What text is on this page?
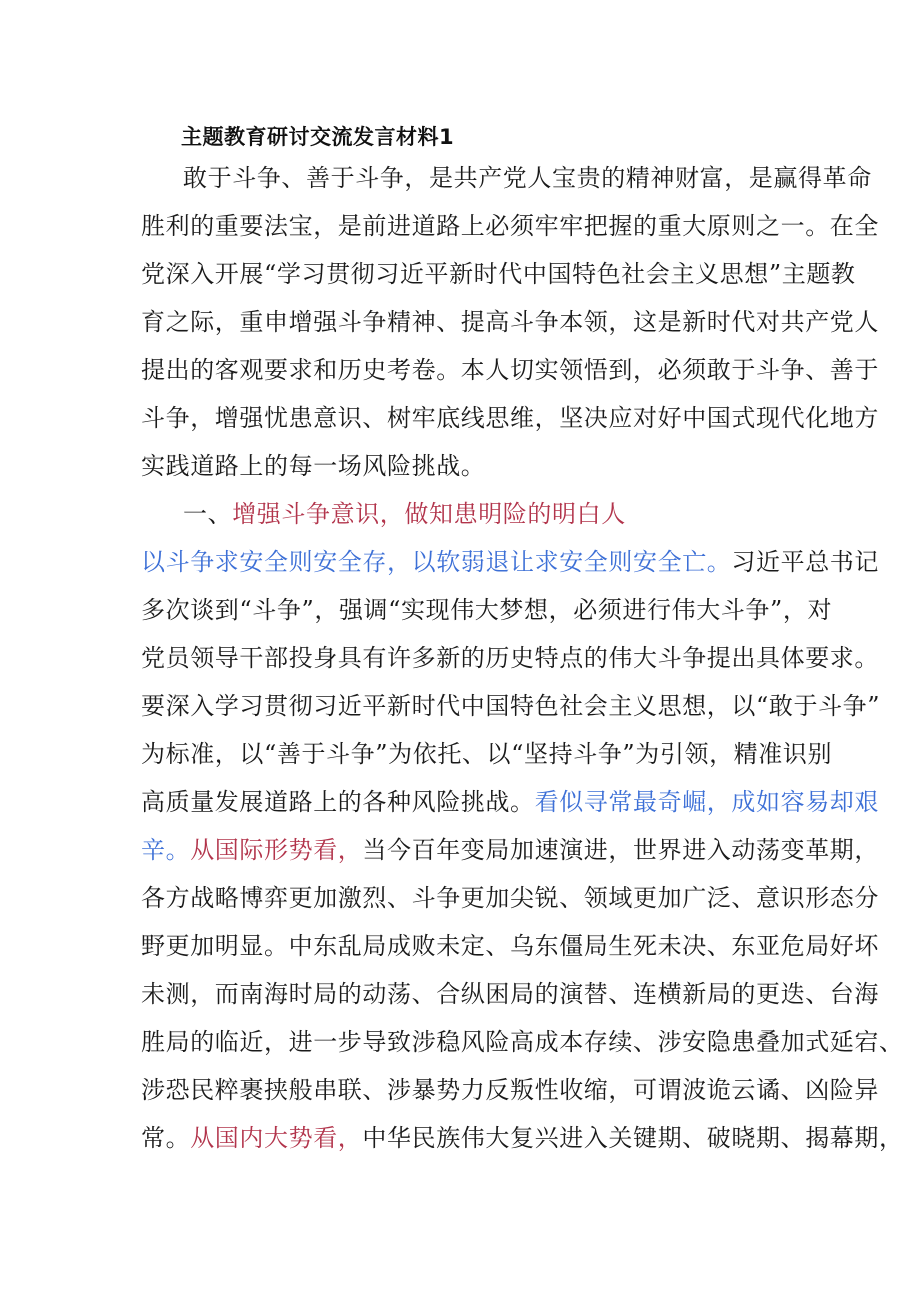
主题教育研讨交流发言材料1
敢于斗争、善于斗争，是共产党人宝贵的精神财富，是赢得革命
胜利的重要法宝，是前进道路上必须牢牢把握的重大原则之一。在全
党深入开展“学习贯彻习近平新时代中国特色社会主义思想”主题教
育之际，重申增强斗争精神、提高斗争本领，这是新时代对共产党人
提出的客观要求和历史考卷。本人切实领悟到，必须敢于斗争、善于
斗争，增强忧患意识、树牢底线思维，坚决应对好中国式现代化地方
实践道路上的每一场风险挑战。
一、增强斗争意识，做知患明险的明白人
以斗争求安全则安全存，以软弱退让求安全则安全亡。习近平总书记
多次谈到“斗争”，强调“实现伟大梦想，必须进行伟大斗争”，对
党员领导干部投身具有许多新的历史特点的伟大斗争提出具体要求。
要深入学习贯彻习近平新时代中国特色社会主义思想，以“敢于斗争”
为标准，以“善于斗争”为依托、以“坚持斗争”为引领，精准识别
高质量发展道路上的各种风险挑战。看似寻常最奇崛，成如容易却艰
辛。从国际形势看，当今百年变局加速演进，世界进入动荡变革期，
各方战略博弈更加激烈、斗争更加尖锐、领域更加广泛、意识形态分
野更加明显。中东乱局成败未定、乌东僵局生死未决、东亚危局好坏
未测，而南海时局的动荡、合纵困局的演替、连横新局的更迭、台海
胜局的临近，进一步导致涉稳风险高成本存续、涉安隐患叠加式延宕、
涉恐民粹裹挟般串联、涉暴势力反叛性收缩，可谓波诡云谲、凶险异
常。从国内大势看，中华民族伟大复兴进入关键期、破晓期、揭幕期，
